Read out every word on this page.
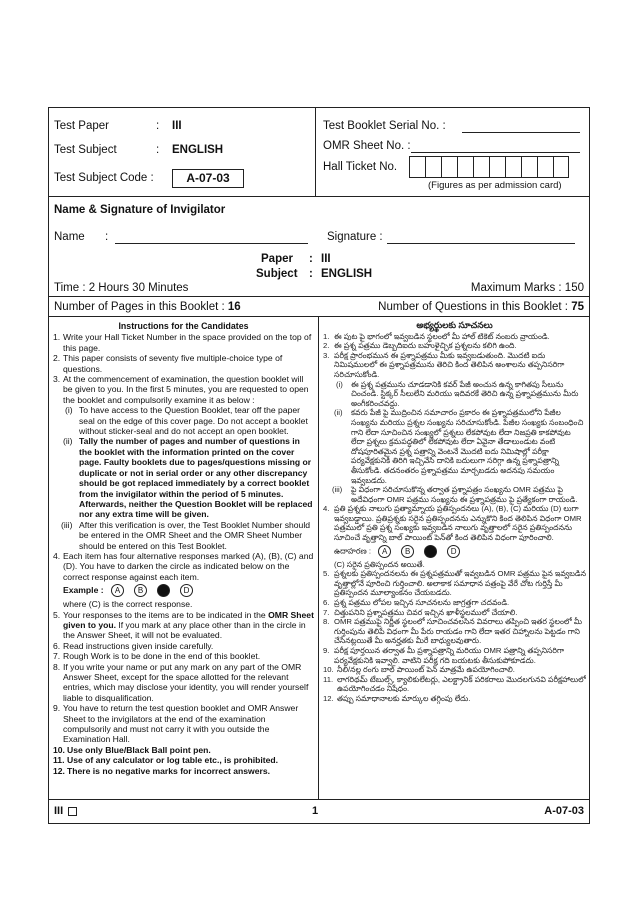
Test Paper	: III
Test Subject	: ENGLISH
Test Subject Code :	A-07-03
Test Booklet Serial No. :
OMR Sheet No. :
Hall Ticket No.
(Figures as per admission card)
Name & Signature of Invigilator
Name :	Signature :
Paper : III
Subject : ENGLISH
Time : 2 Hours 30 Minutes	Maximum Marks : 150
Number of Pages in this Booklet : 16	Number of Questions in this Booklet : 75
Instructions for the Candidates
1. Write your Hall Ticket Number in the space provided on the top of this page.
2. This paper consists of seventy five multiple-choice type of questions.
3. At the commencement of examination, the question booklet will be given to you. In the first 5 minutes, you are requested to open the booklet and compulsorily examine it as below :
(i) To have access to the Question Booklet, tear off the paper seal on the edge of this cover page. Do not accept a booklet without sticker-seal and do not accept an open booklet.
(ii) Tally the number of pages and number of questions in the booklet with the information printed on the cover page. Faulty booklets due to pages/questions missing or duplicate or not in serial order or any other discrepancy should be got replaced immediately by a correct booklet from the invigilator within the period of 5 minutes. Afterwards, neither the Question Booklet will be replaced nor any extra time will be given.
(iii) After this verification is over, the Test Booklet Number should be entered in the OMR Sheet and the OMR Sheet Number should be entered on this Test Booklet.
4. Each item has four alternative responses marked (A), (B), (C) and (D). You have to darken the circle as indicated below on the correct response against each item.
Example : A B C D
where (C) is the correct response.
5. Your responses to the items are to be indicated in the OMR Sheet given to you. If you mark at any place other than in the circle in the Answer Sheet, it will not be evaluated.
6. Read instructions given inside carefully.
7. Rough Work is to be done in the end of this booklet.
8. If you write your name or put any mark on any part of the OMR Answer Sheet, except for the space allotted for the relevant entries, which may disclose your identity, you will render yourself liable to disqualification.
9. You have to return the test question booklet and OMR Answer Sheet to the invigilators at the end of the examination compulsorily and must not carry it with you outside the Examination Hall.
10. Use only Blue/Black Ball point pen.
11. Use of any calculator or log table etc., is prohibited.
12. There is no negative marks for incorrect answers.
అభ్యర్థులకు సూచనలు
1. ఈ పుట పై భాగంలో ఇవ్వబడిన స్థలంలో మీ హాల్ టికెట్ నంబరు వ్రాయండి.
2. ఈ ప్రశ్న పత్రము డెబ్బదిఐదు బహుళైచ్ఛిక ప్రశ్నలను కలిగి ఉంది.
3. పరీక్ష ప్రారంభమున ఈ ప్రశ్నాపత్రము మీకు ఇవ్వబడుతుంది. మొదటి ఐదు నిమిషములలో ఈ ప్రశ్నాపత్రమును తెరిచి కింద తెలిపిన అంశాలను తప్పనిసరిగా సరిచూసుకోండి.
(i) ఈ ప్రశ్న పత్రమును చూడడానికి కవర్ పేజీ అంచున ఉన్న కాగితపు సీలును చించండి. స్టిక్కర్ సీలులేని మరియు ఇదివరకే తెరిచి ఉన్న ప్రశ్నాపత్రమును మీరు అంగీకరించవద్దు.
(ii) కవరు పేజీ పై ముద్రించిన సమాచారం ప్రకారం ఈ ప్రశ్నాపత్రములోని పేజీల సంఖ్యను మరియు ప్రశ్నల సంఖ్యను సరిచూసుకోండి. పేజీల సంఖ్యకు సంబంధించి గాని లేదా సూచించిన సంఖ్యలో ప్రశ్నలు లేకపోవుట లేదా నిజప్రతి కాకపోవుట లేదా ప్రశ్నలు క్రమపద్ధతిలో లేకపోవుట లేదా ఏవైనా తేడాలుండుట వంటి దోషపూరితమైన ప్రశ్న పత్రాన్ని వెంటనే మొదటి ఐదు నిమిషాల్లో పరీక్షా పర్యవేక్షకునికి తిరిగి ఇచ్చివేసి దానికి బదులుగా సరిగ్గా ఉన్న ప్రశ్నాపత్రాన్ని తీసుకోండి. తదనంతరం ప్రశ్నాపత్రము మార్చబడదు అదనపు సమయం ఇవ్వబడదు.
(iii) పై విధంగా సరిచూసుకొన్న తర్వాత ప్రశ్నాపత్రం సంఖ్యను OMR పత్రము పై అదేవిధంగా OMR పత్రము సంఖ్యను ఈ ప్రశ్నాపత్రము పై ప్రత్యేకంగా రాయండి.
4. ప్రతి ప్రశ్నకు నాలుగు ప్రత్యామ్నాయ ప్రతిస్పందనలు (A), (B), (C) మరియు (D) లుగా ఇవ్వబడ్డాయి. ప్రతిప్రశ్నకు సరైన ప్రతిస్పందనను ఎన్నుకొని కింద తెలిపిన విధంగా OMR పత్రములో ప్రతి ప్రశ్న సంఖ్యకు ఇవ్వబడిన నాలుగు వృత్తాలలో సరైన ప్రతిస్పందనను సూచించే వృత్తాన్ని బాల్ పాయింట్ పెన్‌తో కింద తెలిపిన విధంగా పూరించాలి.
ఉదాహరణ : A B C D
(C) సరైన ప్రతిస్పందన అయితే.
5. ప్రశ్నలకు ప్రతిస్పందనలను ఈ ప్రశ్నపత్రముతో ఇవ్వబడిన OMR పత్రము పైన ఇవ్వబడిన వృత్తాల్లోనే పూరించి గుర్తించాలి. అలాకాక సమాధాన పత్రంపై వేరే చోట గుర్తిస్తే మీ ప్రతిస్పందన మూల్యాంకనం చేయబడదు.
6. ప్రశ్న పత్రము లోపల ఇచ్చిన సూచనలను జాగ్రత్తగా చదవండి.
7. చిత్తుపనిని ప్రశ్నాపత్రము చివర ఇచ్చిన ఖాళీస్థలములో చేయాలి.
8. OMR పత్రముపై నిర్ణీత స్థలంలో సూచించవలసిన వివరాలు తప్పించి ఇతర స్థలంలో మీ గుర్తింపును తెలిపే విధంగా మీ పేరు రాయడం గాని లేదా ఇతర చిహ్నాలను పెట్టడం గాని చేసినట్లయితే మీ అనర్హతకు మీరే బాధ్యులవుతారు.
9. పరీక్ష పూర్తయిన తర్వాత మీ ప్రశ్నాపత్రాన్ని మరియు OMR పత్రాన్ని తప్పనిసరిగా పర్యవేక్షకునికి ఇవ్వాలి. వాటిని పరీక్ష గది బయటకు తీసుకుపోకూడదు.
10. నీలి/నల్ల రంగు బాల్ పాయింట్ పెన్ మాత్రమే ఉపయోగించాలి.
11. లాగరిథమ్ టేబుల్స్, క్యాలికులేటర్లు, ఎలక్ట్రానిక్ పరికరాలు మొదలగునవి పరీక్షహాలులో ఉపయోగించడం నిషేధం.
12. తప్పు సమాధానాలకు మార్కుల తగ్గింపు లేదు.
III	1	A-07-03
